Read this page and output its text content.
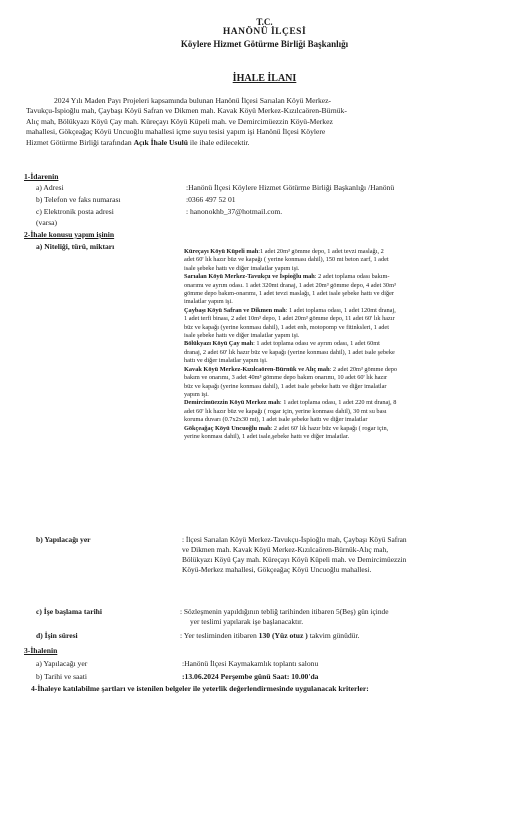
T.C.
HANÖNÜ İLÇESİ
Köylere Hizmet Götürme Birliği Başkanlığı
İHALE İLANI
2024 Yılı Maden Payı Projeleri kapsamında bulunan Hanönü İlçesi Sarıalan Köyü Merkez-
Tavukçu-İspioğlu mah, Çaybaşı Köyü Safran ve Dikmen mah. Kavak Köyü Merkez-Kızılcaören-Bürnük-
Alıç mah, Bölükyazı Köyü Çay mah. Küreçayı Köyü Küpeli mah. ve Demircimüezzin Köyü-Merkez
mahallesi, Gökçeağaç Köyü Uncuoğlu mahallesi içme suyu tesisi yapım işi Hanönü İlçesi Köylere
Hizmet Götürme Birliği tarafından Açık İhale Usulü ile ihale edilecektir.
1-İdarenin
a) Adresi	:Hanönü İlçesi Köylere Hizmet Götürme Birliği Başkanlığı /Hanönü
b) Telefon ve faks numarası	:0366 497 52 01
c) Elektronik posta adresi	: hanonokhb_37@hotmail.com.
(varsa)
2-İhale konusu yapım işinin
a) Niteliği, türü, miktarı

Küreçayı Köyü Küpeli mah:1 adet 20m³ gömme depo, 1 adet tevzi maslağı, 2
adet 60' lık hazır büz ve kapağı ( yerine konması dahil), 150 mt beton zarf, 1 adet
isale şebeke hattı ve diğer imalatlar yapım işi.

Sarıalan Köyü Merkez-Tavukçu ve İspioğlu mah: 2 adet toplama odası bakım-
onarımı ve ayrım odası. 1 adet 320mt dranaj, 1 adet 20m³ gömme depo, 4 adet 30m³
gömme depo bakım-onarımı, 1 adet tevzi maslağı, 1 adet isale şebeke hattı ve diğer
imalatlar yapım işi.

Çaybaşı Köyü Safran ve Dikmen mah: 1 adet toplama odası, 1 adet 120mt dranaj,
1 adet terfi binası, 2 adet 10m³ depo, 1 adet 20m³ gömme depo, 11 adet 60' lık hazır
büz ve kapağı (yerine konması dahil), 1 adet enh, motopomp ve fitinksleri, 1 adet
isale şebeke hattı ve diğer imalatlar yapım işi.

Bölükyazı Köyü Çay mah: 1 adet toplama odası ve ayrım odası, 1 adet 60mt
dranaj, 2 adet 60' lık hazır büz ve kapağı (yerine konması dahil), 1 adet isale şebeke
hattı ve diğer imalatlar yapım işi.

Kavak Köyü Merkez-Kızılcaören-Bürnük ve Alıç mah: 2 adet 20m³ gömme depo
bakım ve onarımı, 3 adet 40m³ gömme depo bakım onarımı, 10 adet 60' lık hazır
büz ve kapağı (yerine konması dahil), 1 adet isale şebeke hattı ve diğer imalatlar
yapım işi.

Demircimüezzin Köyü Merkez mah: 1 adet toplama odası, 1 adet 220 mt dranaj, 8
adet 60' lık hazır büz ve kapağı ( rogar için, yerine konması dahil), 30 mt su bası
koruma duvarı (0.7x2x30 mt), 1 adet isale şebeke hattı ve diğer imalatlar

Gökçeağaç Köyü Uncuoğlu mah: 2 adet 60' lık hazır büz ve kapağı ( rogar için,
yerine konması dahil), 1 adet isale,şebeke hattı ve diğer imalatlar.

b) Yapılacağı yer	: İlçesi Sarıalan Köyü Merkez-Tavukçu-İspioğlu mah, Çaybaşı Köyü Safran
ve Dikmen mah. Kavak Köyü Merkez-Kızılcaören-Bürnük-Alıç mah,
Bölükyazı Köyü Çay mah. Küreçayı Köyü Küpeli mah. ve Demircimüezzin
Köyü-Merkez mahallesi, Gökçeağaç Köyü Uncuoğlu mahallesi.
c) İşe başlama tarihi	: Sözleşmenin yapıldığının tebliğ tarihinden itibaren 5(Beş) gün içinde
yer teslimi yapılarak işe başlanacaktır.
d) İşin süresi	: Yer tesliminden itibaren 130 (Yüz otuz ) takvim günüdür.
3-İhalenin
a) Yapılacağı yer	:Hanönü İlçesi Kaymakamlık toplantı salonu
b) Tarihi ve saati	:13.06.2024 Perşembe günü Saat: 10.00'da
4-İhaleye katılabilme şartları ve istenilen belgeler ile yeterlik değerlendirmesinde uygulanacak kriterler:
